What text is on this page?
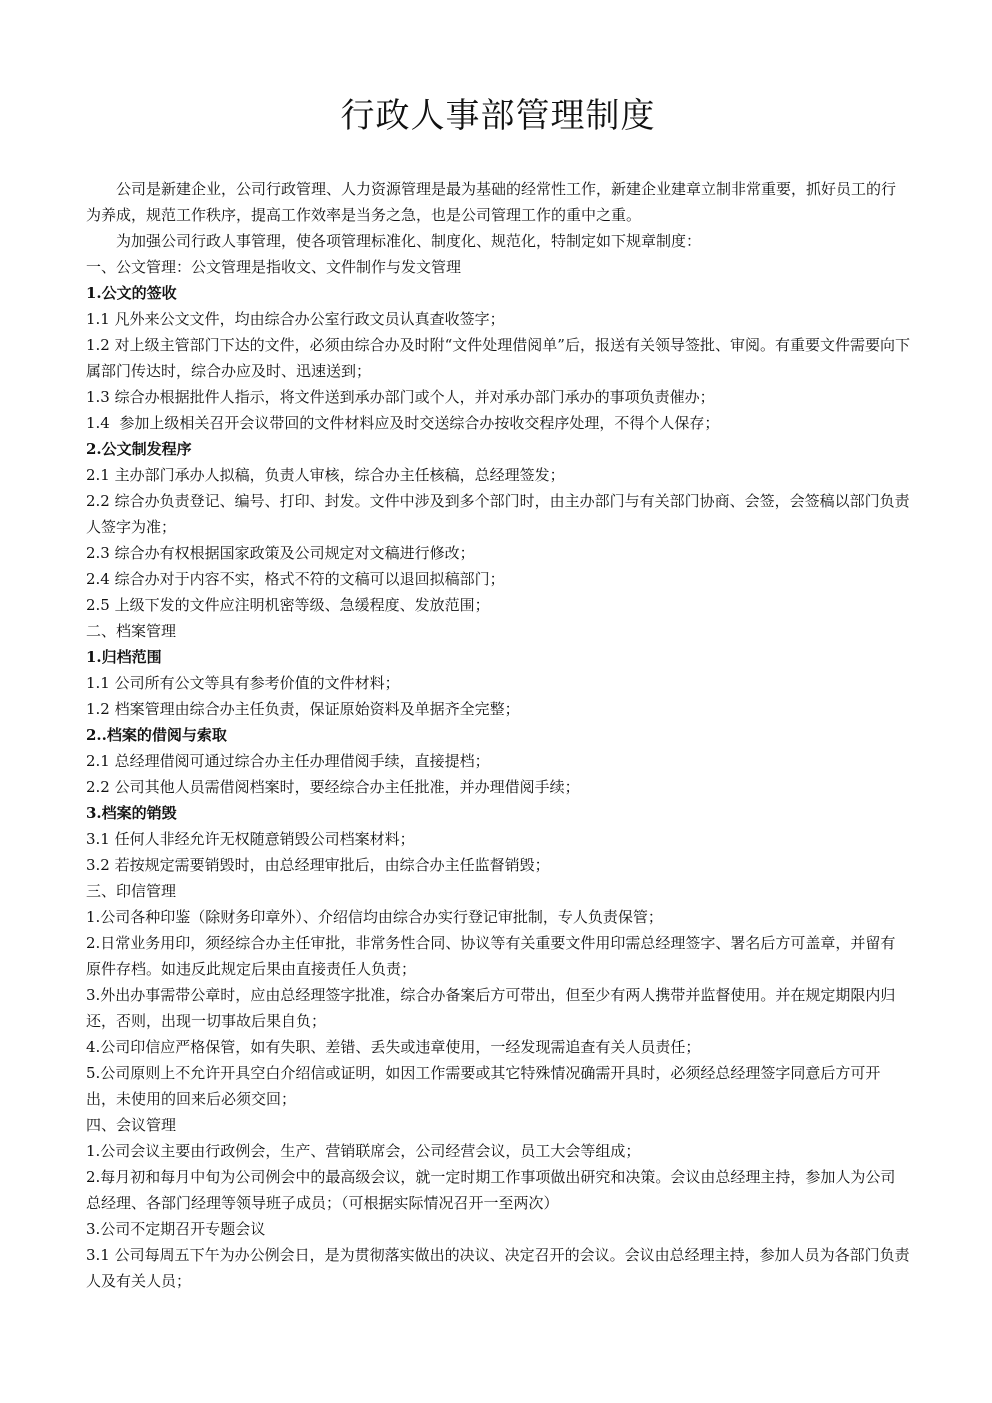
行政人事部管理制度

公司是新建企业，公司行政管理、人力资源管理是最为基础的经常性工作，新建企业建章立制非常重要，抓好员工的行为养成，规范工作秩序，提高工作效率是当务之急，也是公司管理工作的重中之重。

为加强公司行政人事管理，使各项管理标准化、制度化、规范化，特制定如下规章制度：

一、公文管理：公文管理是指收文、文件制作与发文管理

1.公文的签收

1.1 凡外来公文文件，均由综合办公室行政文员认真查收签字；

1.2 对上级主管部门下达的文件，必须由综合办及时附“文件处理借阅单”后，报送有关领导签批、审阅。有重要文件需要向下属部门传达时，综合办应及时、迅速送到；

1.3 综合办根据批件人指示，将文件送到承办部门或个人，并对承办部门承办的事项负责催办；

1.4  参加上级相关召开会议带回的文件材料应及时交送综合办按收交程序处理，不得个人保存；

2.公文制发程序

2.1 主办部门承办人拟稿，负责人审核，综合办主任核稿，总经理签发；

2.2 综合办负责登记、编号、打印、封发。文件中涉及到多个部门时，由主办部门与有关部门协商、会签，会签稿以部门负责人签字为准；

2.3 综合办有权根据国家政策及公司规定对文稿进行修改；

2.4 综合办对于内容不实，格式不符的文稿可以退回拟稿部门；

2.5 上级下发的文件应注明机密等级、急缓程度、发放范围；

二、档案管理

1.归档范围

1.1 公司所有公文等具有参考价值的文件材料；

1.2 档案管理由综合办主任负责，保证原始资料及单据齐全完整；

2..档案的借阅与索取

2.1 总经理借阅可通过综合办主任办理借阅手续，直接提档；

2.2 公司其他人员需借阅档案时，要经综合办主任批准，并办理借阅手续；

3.档案的销毁

3.1 任何人非经允许无权随意销毁公司档案材料；

3.2 若按规定需要销毁时，由总经理审批后，由综合办主任监督销毁；

三、印信管理

1.公司各种印鉴（除财务印章外）、介绍信均由综合办实行登记审批制，专人负责保管；

2.日常业务用印，须经综合办主任审批，非常务性合同、协议等有关重要文件用印需总经理签字、署名后方可盖章，并留有原件存档。如违反此规定后果由直接责任人负责；

3.外出办事需带公章时，应由总经理签字批准，综合办备案后方可带出，但至少有两人携带并监督使用。并在规定期限内归还，否则，出现一切事故后果自负；

4.公司印信应严格保管，如有失职、差错、丢失或违章使用，一经发现需追查有关人员责任；

5.公司原则上不允许开具空白介绍信或证明，如因工作需要或其它特殊情况确需开具时，必须经总经理签字同意后方可开出，未使用的回来后必须交回；

四、会议管理

1.公司会议主要由行政例会，生产、营销联席会，公司经营会议，员工大会等组成；

2.每月初和每月中旬为公司例会中的最高级会议，就一定时期工作事项做出研究和决策。会议由总经理主持，参加人为公司总经理、各部门经理等领导班子成员；（可根据实际情况召开一至两次）

3.公司不定期召开专题会议

3.1 公司每周五下午为办公例会日，是为贯彻落实做出的决议、决定召开的会议。会议由总经理主持，参加人员为各部门负责人及有关人员；
